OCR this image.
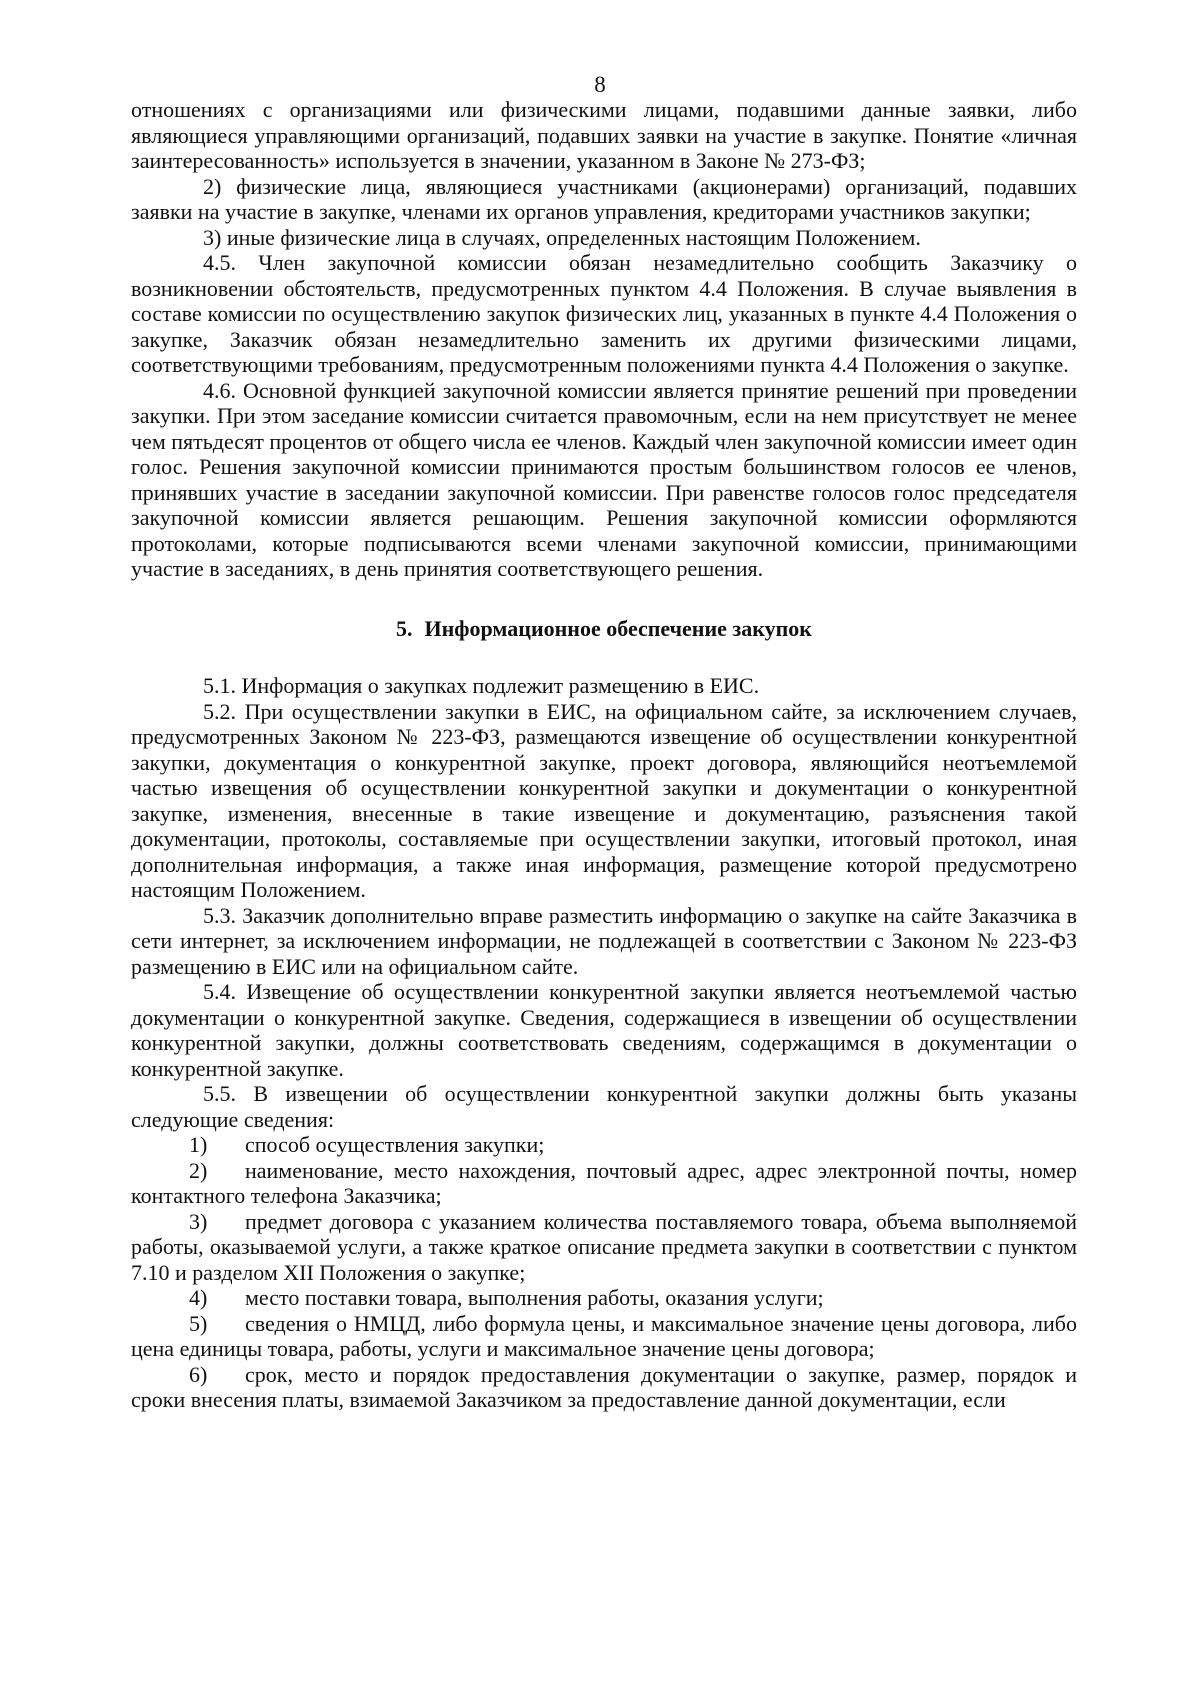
8

отношениях с организациями или физическими лицами, подавшими данные заявки, либо являющиеся управляющими организаций, подавших заявки на участие в закупке. Понятие «личная заинтересованность» используется в значении, указанном в Законе № 273-ФЗ;

2) физические лица, являющиеся участниками (акционерами) организаций, подавших заявки на участие в закупке, членами их органов управления, кредиторами участников закупки;

3) иные физические лица в случаях, определенных настоящим Положением.

4.5. Член закупочной комиссии обязан незамедлительно сообщить Заказчику о возникновении обстоятельств, предусмотренных пунктом 4.4 Положения. В случае выявления в составе комиссии по осуществлению закупок физических лиц, указанных в пункте 4.4 Положения о закупке, Заказчик обязан незамедлительно заменить их другими физическими лицами, соответствующими требованиям, предусмотренным положениями пункта 4.4 Положения о закупке.

4.6. Основной функцией закупочной комиссии является принятие решений при проведении закупки. При этом заседание комиссии считается правомочным, если на нем присутствует не менее чем пятьдесят процентов от общего числа ее членов. Каждый член закупочной комиссии имеет один голос. Решения закупочной комиссии принимаются простым большинством голосов ее членов, принявших участие в заседании закупочной комиссии. При равенстве голосов голос председателя закупочной комиссии является решающим. Решения закупочной комиссии оформляются протоколами, которые подписываются всеми членами закупочной комиссии, принимающими участие в заседаниях, в день принятия соответствующего решения.

5. Информационное обеспечение закупок

5.1. Информация о закупках подлежит размещению в ЕИС.

5.2. При осуществлении закупки в ЕИС, на официальном сайте, за исключением случаев, предусмотренных Законом № 223-ФЗ, размещаются извещение об осуществлении конкурентной закупки, документация о конкурентной закупке, проект договора, являющийся неотъемлемой частью извещения об осуществлении конкурентной закупки и документации о конкурентной закупке, изменения, внесенные в такие извещение и документацию, разъяснения такой документации, протоколы, составляемые при осуществлении закупки, итоговый протокол, иная дополнительная информация, а также иная информация, размещение которой предусмотрено настоящим Положением.

5.3. Заказчик дополнительно вправе разместить информацию о закупке на сайте Заказчика в сети интернет, за исключением информации, не подлежащей в соответствии с Законом № 223-ФЗ размещению в ЕИС или на официальном сайте.

5.4. Извещение об осуществлении конкурентной закупки является неотъемлемой частью документации о конкурентной закупке. Сведения, содержащиеся в извещении об осуществлении конкурентной закупки, должны соответствовать сведениям, содержащимся в документации о конкурентной закупке.

5.5. В извещении об осуществлении конкурентной закупки должны быть указаны следующие сведения:

1) способ осуществления закупки;

2) наименование, место нахождения, почтовый адрес, адрес электронной почты, номер контактного телефона Заказчика;

3) предмет договора с указанием количества поставляемого товара, объема выполняемой работы, оказываемой услуги, а также краткое описание предмета закупки в соответствии с пунктом 7.10 и разделом XII Положения о закупке;

4) место поставки товара, выполнения работы, оказания услуги;

5) сведения о НМЦД, либо формула цены, и максимальное значение цены договора, либо цена единицы товара, работы, услуги и максимальное значение цены договора;

6) срок, место и порядок предоставления документации о закупке, размер, порядок и сроки внесения платы, взимаемой Заказчиком за предоставление данной документации, если
